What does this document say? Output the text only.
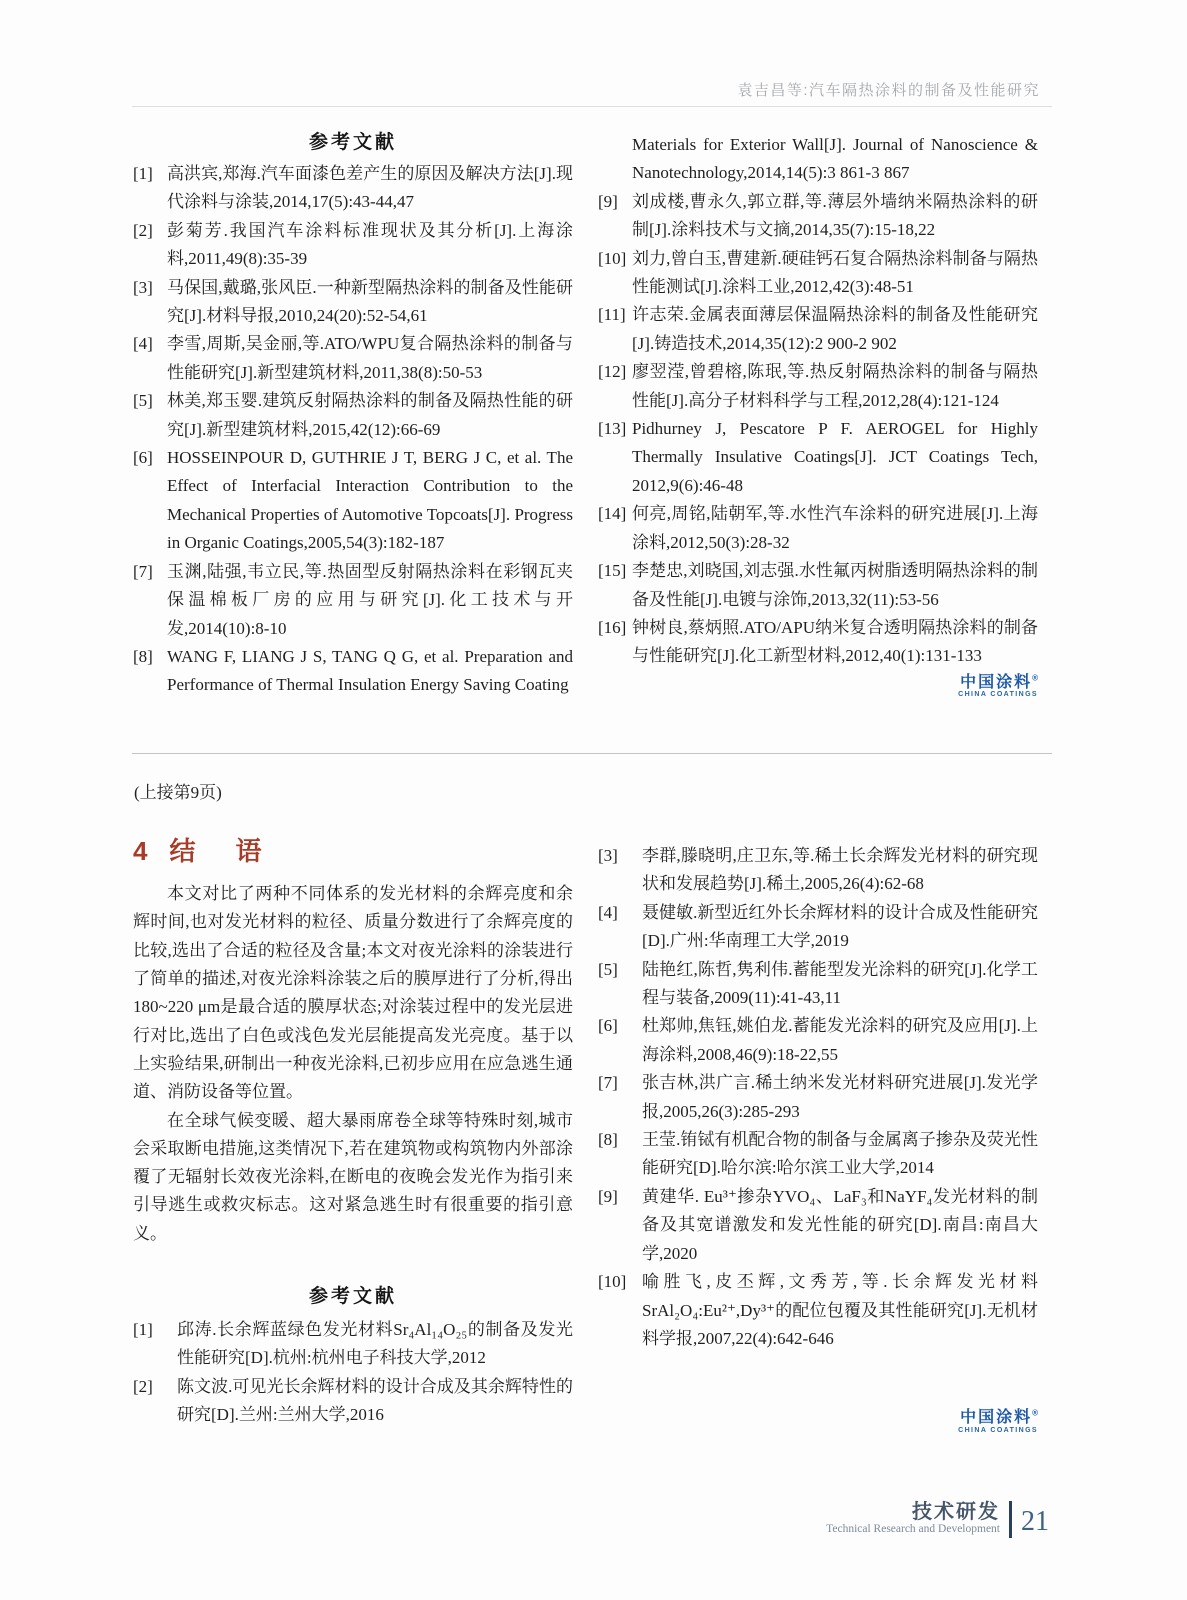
袁吉昌等:汽车隔热涂料的制备及性能研究
参考文献
[1] 高洪宾,郑海.汽车面漆色差产生的原因及解决方法[J].现代涂料与涂装,2014,17(5):43-44,47
[2] 彭菊芳.我国汽车涂料标准现状及其分析[J].上海涂料,2011,49(8):35-39
[3] 马保国,戴璐,张风臣.一种新型隔热涂料的制备及性能研究[J].材料导报,2010,24(20):52-54,61
[4] 李雪,周斯,吴金丽,等.ATO/WPU复合隔热涂料的制备与性能研究[J].新型建筑材料,2011,38(8):50-53
[5] 林美,郑玉婴.建筑反射隔热涂料的制备及隔热性能的研究[J].新型建筑材料,2015,42(12):66-69
[6] HOSSEINPOUR D, GUTHRIE J T, BERG J C, et al. The Effect of Interfacial Interaction Contribution to the Mechanical Properties of Automotive Topcoats[J]. Progress in Organic Coatings,2005,54(3):182-187
[7] 玉渊,陆强,韦立民,等.热固型反射隔热涂料在彩钢瓦夹保温棉板厂房的应用与研究[J].化工技术与开发,2014(10):8-10
[8] WANG F, LIANG J S, TANG Q G, et al. Preparation and Performance of Thermal Insulation Energy Saving Coating
Materials for Exterior Wall[J]. Journal of Nanoscience & Nanotechnology,2014,14(5):3 861-3 867
[9] 刘成楼,曹永久,郭立群,等.薄层外墙纳米隔热涂料的研制[J].涂料技术与文摘,2014,35(7):15-18,22
[10] 刘力,曾白玉,曹建新.硬硅钙石复合隔热涂料制备与隔热性能测试[J].涂料工业,2012,42(3):48-51
[11] 许志荣.金属表面薄层保温隔热涂料的制备及性能研究[J].铸造技术,2014,35(12):2 900-2 902
[12] 廖翌滢,曾碧榕,陈珉,等.热反射隔热涂料的制备与隔热性能[J].高分子材料科学与工程,2012,28(4):121-124
[13] Pidhurney J, Pescatore P F. AEROGEL for Highly Thermally Insulative Coatings[J]. JCT Coatings Tech, 2012,9(6):46-48
[14] 何亮,周铭,陆朝军,等.水性汽车涂料的研究进展[J].上海涂料,2012,50(3):28-32
[15] 李楚忠,刘晓国,刘志强.水性氟丙树脂透明隔热涂料的制备及性能[J].电镀与涂饰,2013,32(11):53-56
[16] 钟树良,蔡炳照.ATO/APU纳米复合透明隔热涂料的制备与性能研究[J].化工新型材料,2012,40(1):131-133
中国涂料®
CHINA COATINGS
(上接第9页)
4 结　语

本文对比了两种不同体系的发光材料的余辉亮度和余辉时间,也对发光材料的粒径、质量分数进行了余辉亮度的比较,选出了合适的粒径及含量;本文对夜光涂料的涂装进行了简单的描述,对夜光涂料涂装之后的膜厚进行了分析,得出180~220 μm是最合适的膜厚状态;对涂装过程中的发光层进行对比,选出了白色或浅色发光层能提高发光亮度。基于以上实验结果,研制出一种夜光涂料,已初步应用在应急逃生通道、消防设备等位置。

在全球气候变暖、超大暴雨席卷全球等特殊时刻,城市会采取断电措施,这类情况下,若在建筑物或构筑物内外部涂覆了无辐射长效夜光涂料,在断电的夜晚会发光作为指引来引导逃生或救灾标志。这对紧急逃生时有很重要的指引意义。

参考文献
[1] 邱涛.长余辉蓝绿色发光材料Sr₄Al₁₄O₂₅的制备及发光性能研究[D].杭州:杭州电子科技大学,2012
[2] 陈文波.可见光长余辉材料的设计合成及其余辉特性的研究[D].兰州:兰州大学,2016
[3] 李群,滕晓明,庄卫东,等.稀土长余辉发光材料的研究现状和发展趋势[J].稀土,2005,26(4):62-68
[4] 聂健敏.新型近红外长余辉材料的设计合成及性能研究[D].广州:华南理工大学,2019
[5] 陆艳红,陈哲,隽利伟.蓄能型发光涂料的研究[J].化学工程与装备,2009(11):41-43,11
[6] 杜郑帅,焦钰,姚伯龙.蓄能发光涂料的研究及应用[J].上海涂料,2008,46(9):18-22,55
[7] 张吉林,洪广言.稀土纳米发光材料研究进展[J].发光学报,2005,26(3):285-293
[8] 王莹.铕铽有机配合物的制备与金属离子掺杂及荧光性能研究[D].哈尔滨:哈尔滨工业大学,2014
[9] 黄建华. Eu³⁺掺杂YVO₄、LaF₃和NaYF₄发光材料的制备及其宽谱激发和发光性能的研究[D].南昌:南昌大学,2020
[10] 喻胜飞,皮丕辉,文秀芳,等.长余辉发光材料SrAl₂O₄:Eu²⁺,Dy³⁺的配位包覆及其性能研究[J].无机材料学报,2007,22(4):642-646
中国涂料®
CHINA COATINGS
技术研发
Technical Research and Development 21
